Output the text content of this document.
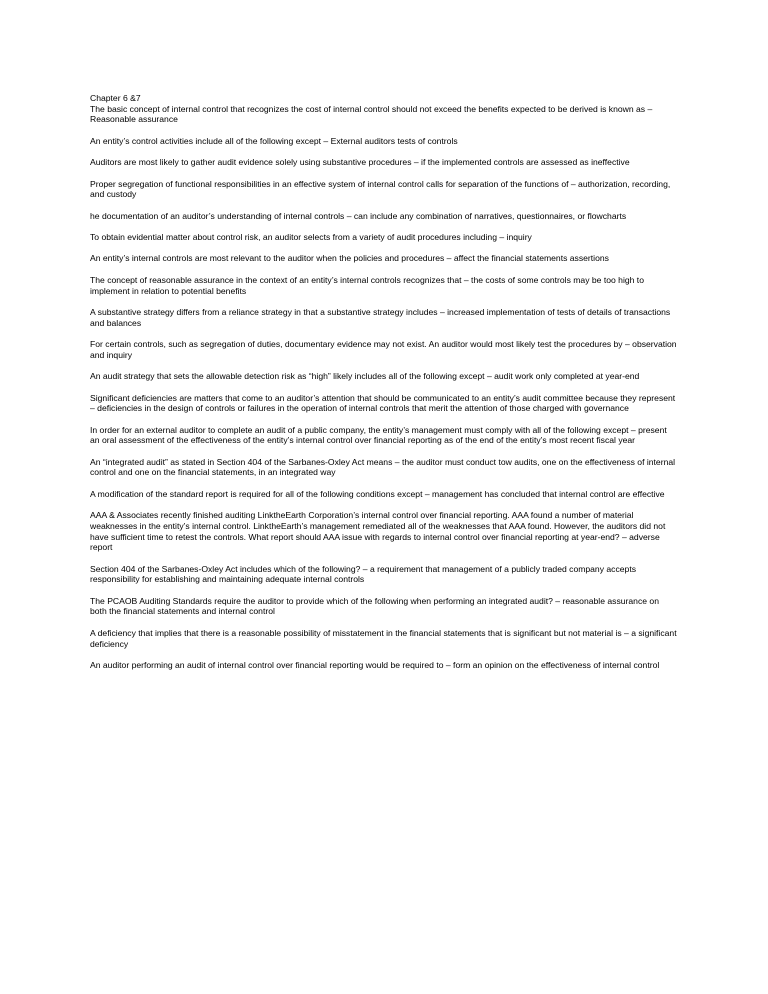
Chapter 6 &7

The basic concept of internal control that recognizes the cost of internal control should not exceed the benefits expected to be derived is known as – Reasonable assurance

An entity’s control activities include all of the following except – External auditors tests of controls

Auditors are most likely to gather audit evidence solely using substantive procedures – if the implemented controls are assessed as ineffective

Proper segregation of functional responsibilities in an effective system of internal control calls for separation of the functions of – authorization, recording, and custody

he documentation of an auditor’s understanding of internal controls – can include any combination of narratives, questionnaires, or flowcharts

To obtain evidential matter about control risk, an auditor selects from a variety of audit procedures including – inquiry

An entity’s internal controls are most relevant to the auditor when the policies and procedures – affect the financial statements assertions

The concept of reasonable assurance in the context of an entity’s internal controls recognizes that – the costs of some controls may be too high to implement in relation to potential benefits

A substantive strategy differs from a reliance strategy in that a substantive strategy includes – increased implementation of tests of details of transactions and balances

For certain controls, such as segregation of duties, documentary evidence may not exist. An auditor would most likely test the procedures by – observation and inquiry

An audit strategy that sets the allowable detection risk as “high” likely includes all of the following except – audit work only completed at year-end

Significant deficiencies are matters that come to an auditor’s attention that should be communicated to an entity’s audit committee because they represent – deficiencies in the design of controls or failures in the operation of internal controls that merit the attention of those charged with governance

In order for an external auditor to complete an audit of a public company, the entity’s management must comply with all of the following except – present an oral assessment of the effectiveness of the entity’s internal control over financial reporting as of the end of the entity’s most recent fiscal year

An “integrated audit” as stated in Section 404 of the Sarbanes-Oxley Act means – the auditor must conduct tow audits, one on the effectiveness of internal control and one on the financial statements, in an integrated way

A modification of the standard report is required for all of the following conditions except – management has concluded that internal control are effective

AAA & Associates recently finished auditing LinktheEarth Corporation’s internal control over financial reporting. AAA found a number of material weaknesses in the entity’s internal control. LinktheEarth’s management remediated all of the weaknesses that AAA found. However, the auditors did not have sufficient time to retest the controls. What report should AAA issue with regards to internal control over financial reporting at year-end? – adverse report

Section 404 of the Sarbanes-Oxley Act includes which of the following? – a requirement that management of a publicly traded company accepts responsibility for establishing and maintaining adequate internal controls

The PCAOB Auditing Standards require the auditor to provide which of the following when performing an integrated audit? – reasonable assurance on both the financial statements and internal control

A deficiency that implies that there is a reasonable possibility of misstatement in the financial statements that is significant but not material is – a significant deficiency

An auditor performing an audit of internal control over financial reporting would be required to – form an opinion on the effectiveness of internal control
